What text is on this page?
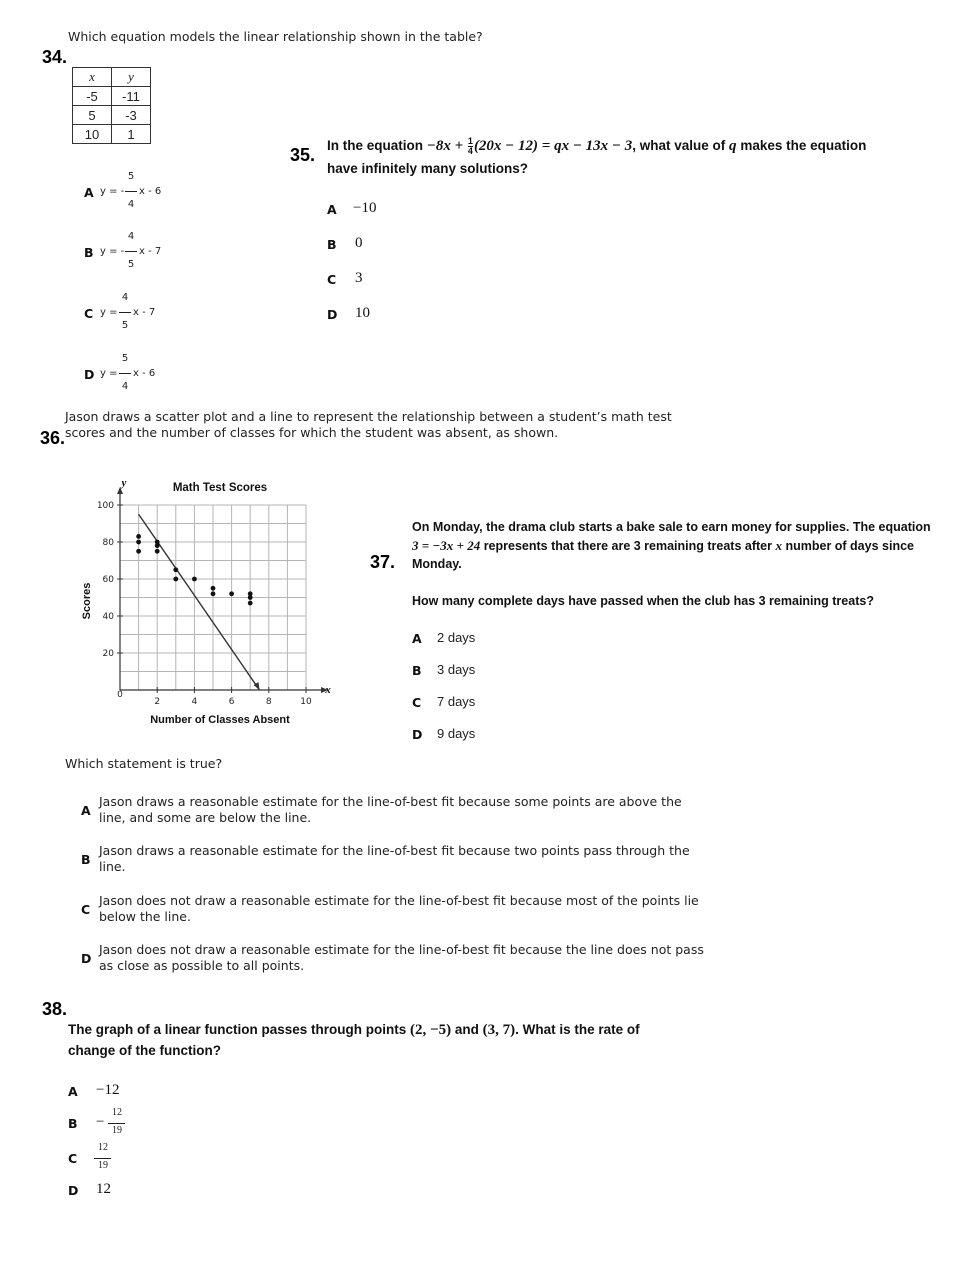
Which equation models the linear relationship shown in the table?
34.
x	y
-5	-11
5	-3
10	1
A y = -
5
4
x - 6
B y = -
4
5
x - 7
C y =
4
5
x - 7
D y =
5
4
x - 6
35. In the equation $-8x + \frac{1}{4} (20x - 12)$ = qx − 13x − 3, what value of q makes the equation
have infinitely many solutions?
A −10
B 0
C 3
D 10
Jason draws a scatter plot and a line to represent the relationship between a student’s math test
36. scores and the number of classes for which the student was absent, as shown.
Math Test Scores
y
x
Number of Classes Absent
Scores
0
2	4	6	8	10
20
40
60
80
100
Which statement is true?
A
Jason draws a reasonable estimate for the line-of-best fit because some points are above the
line, and some are below the line.
B
Jason draws a reasonable estimate for the line-of-best fit because two points pass through the
line.
C
Jason does not draw a reasonable estimate for the line-of-best fit because most of the points lie
below the line.
D
Jason does not draw a reasonable estimate for the line-of-best fit because the line does not pass
as close as possible to all points.
37.
On Monday, the drama club starts a bake sale to earn money for supplies. The equation
3 = −3x + 24 represents that there are 3 remaining treats after x number of days since
Monday.
How many complete days have passed when the club has 3 remaining treats?
A 2 days
B 3 days
C 7 days
D 9 days
38.
The graph of a linear function passes through points (2, −5) and (3, 7). What is the rate of
change of the function?
A −12
B −
12
19
C
12
19
D 12
